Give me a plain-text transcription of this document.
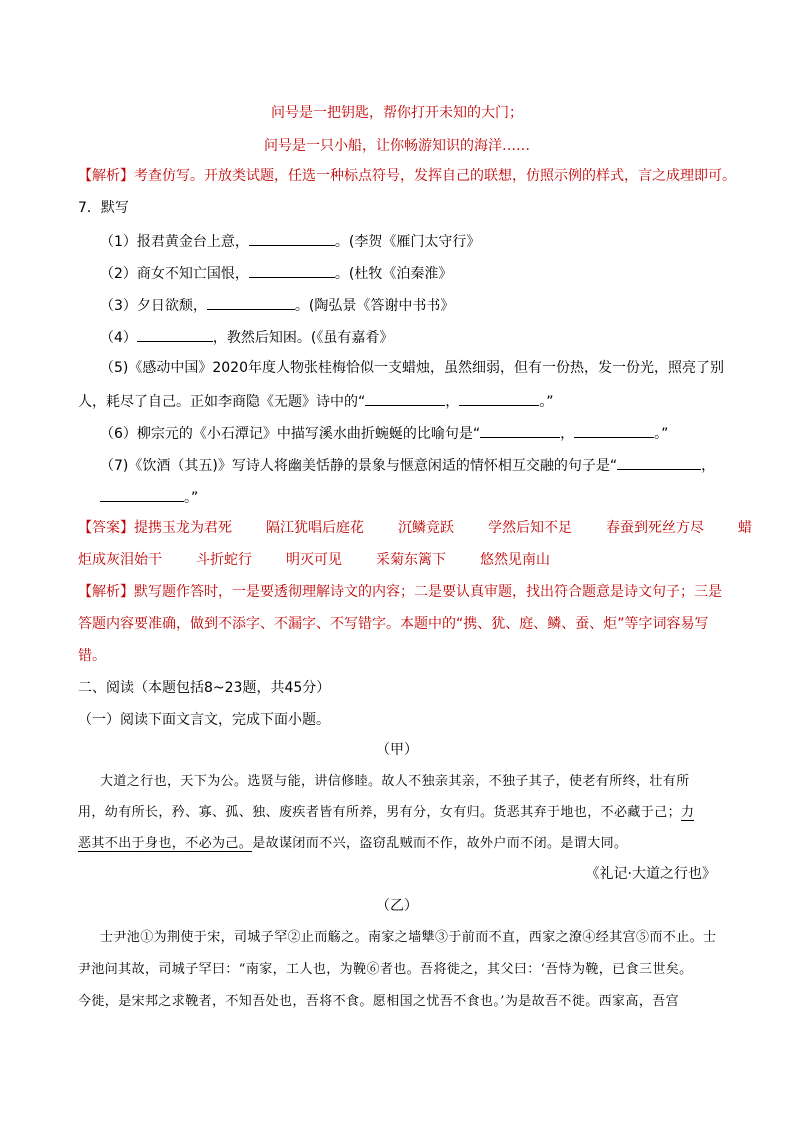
问号是一把钥匙，帮你打开未知的大门；
问号是一只小船，让你畅游知识的海洋……
【解析】考查仿写。开放类试题，任选一种标点符号，发挥自己的联想，仿照示例的样式，言之成理即可。
7．默写
（1）报君黄金台上意，	。(李贺《雁门太守行》
（2）商女不知亡国恨，	。(杜牧《泊秦淮》
（3）夕日欲颓，	。(陶弘景《答谢中书书》
（4）	，教然后知困。(《虽有嘉肴》
（5)《感动中国》2020年度人物张桂梅恰似一支蜡烛，虽然细弱，但有一份热，发一份光，照亮了别
人，耗尽了自己。正如李商隐《无题》诗中的“	，	。”
（6）柳宗元的《小石潭记》中描写溪水曲折蜿蜒的比喻句是“	，	。”
（7)《饮酒（其五)》写诗人将幽美恬静的景象与惬意闲适的情怀相互交融的句子是“	，
。”
【答案】提携玉龙为君死 隔江犹唱后庭花 沉鳞竞跃 学然后知不足 春蚕到死丝方尽 蜡
炬成灰泪始干 斗折蛇行 明灭可见 采菊东篱下 悠然见南山
【解析】默写题作答时，一是要透彻理解诗文的内容；二是要认真审题，找出符合题意是诗文句子；三是
答题内容要准确，做到不添字、不漏字、不写错字。本题中的“携、犹、庭、鳞、蚕、炬”等字词容易写
错。
二、阅读（本题包括8~23题，共45分）
（一）阅读下面文言文，完成下面小题。
（甲）
大道之行也，天下为公。选贤与能，讲信修睦。故人不独亲其亲，不独子其子，使老有所终，壮有所
用，幼有所长，矜、寡、孤、独、废疾者皆有所养，男有分，女有归。货恶其弃于地也，不必藏于己；力
恶其不出于身也，不必为己。是故谋闭而不兴，盗窃乱贼而不作，故外户而不闭。是谓大同。
《礼记·大道之行也》
（乙）
士尹池①为荆使于宋，司城子罕②止而觞之。南家之墙犨③于前而不直，西家之潦④经其宫⑤而不止。士
尹池问其故，司城子罕曰：“南家，工人也，为鞔⑥者也。吾将徙之，其父曰：‘吾恃为鞔，已食三世矣。
今徙，是宋邦之求鞔者，不知吾处也，吾将不食。愿相国之忧吾不食也。’为是故吾不徙。西家高，吾宫
